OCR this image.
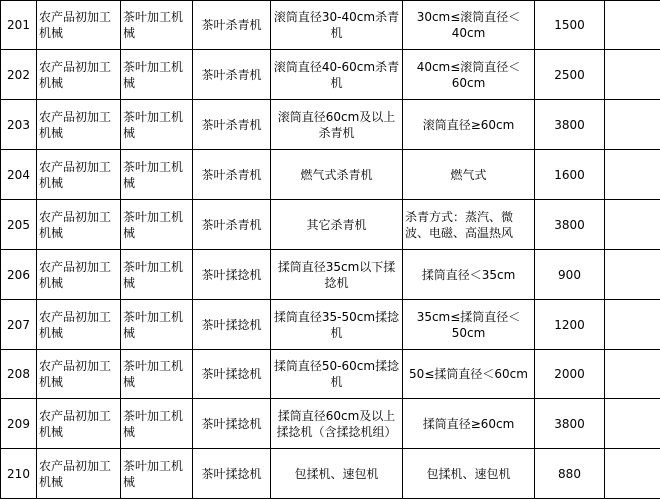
201	农产品初加工机械	茶叶加工机械	茶叶杀青机	滚筒直径30-40cm杀青机	30cm≤滚筒直径＜40cm	1500	
202	农产品初加工机械	茶叶加工机械	茶叶杀青机	滚筒直径40-60cm杀青机	40cm≤滚筒直径＜60cm	2500	
203	农产品初加工机械	茶叶加工机械	茶叶杀青机	滚筒直径60cm及以上杀青机	滚筒直径≥60cm	3800	
204	农产品初加工机械	茶叶加工机械	茶叶杀青机	燃气式杀青机	燃气式	1600	
205	农产品初加工机械	茶叶加工机械	茶叶杀青机	其它杀青机	杀青方式：蒸汽、微波、电磁、高温热风	3800	
206	农产品初加工机械	茶叶加工机械	茶叶揉捻机	揉筒直径35cm以下揉捻机	揉筒直径＜35cm	900	
207	农产品初加工机械	茶叶加工机械	茶叶揉捻机	揉筒直径35-50cm揉捻机	35cm≤揉筒直径＜50cm	1200	
208	农产品初加工机械	茶叶加工机械	茶叶揉捻机	揉筒直径50-60cm揉捻机	50≤揉筒直径＜60cm	2000	
209	农产品初加工机械	茶叶加工机械	茶叶揉捻机	揉筒直径60cm及以上揉捻机（含揉捻机组）	揉筒直径≥60cm	3800	
210	农产品初加工机械	茶叶加工机械	茶叶揉捻机	包揉机、速包机	包揉机、速包机	880	
